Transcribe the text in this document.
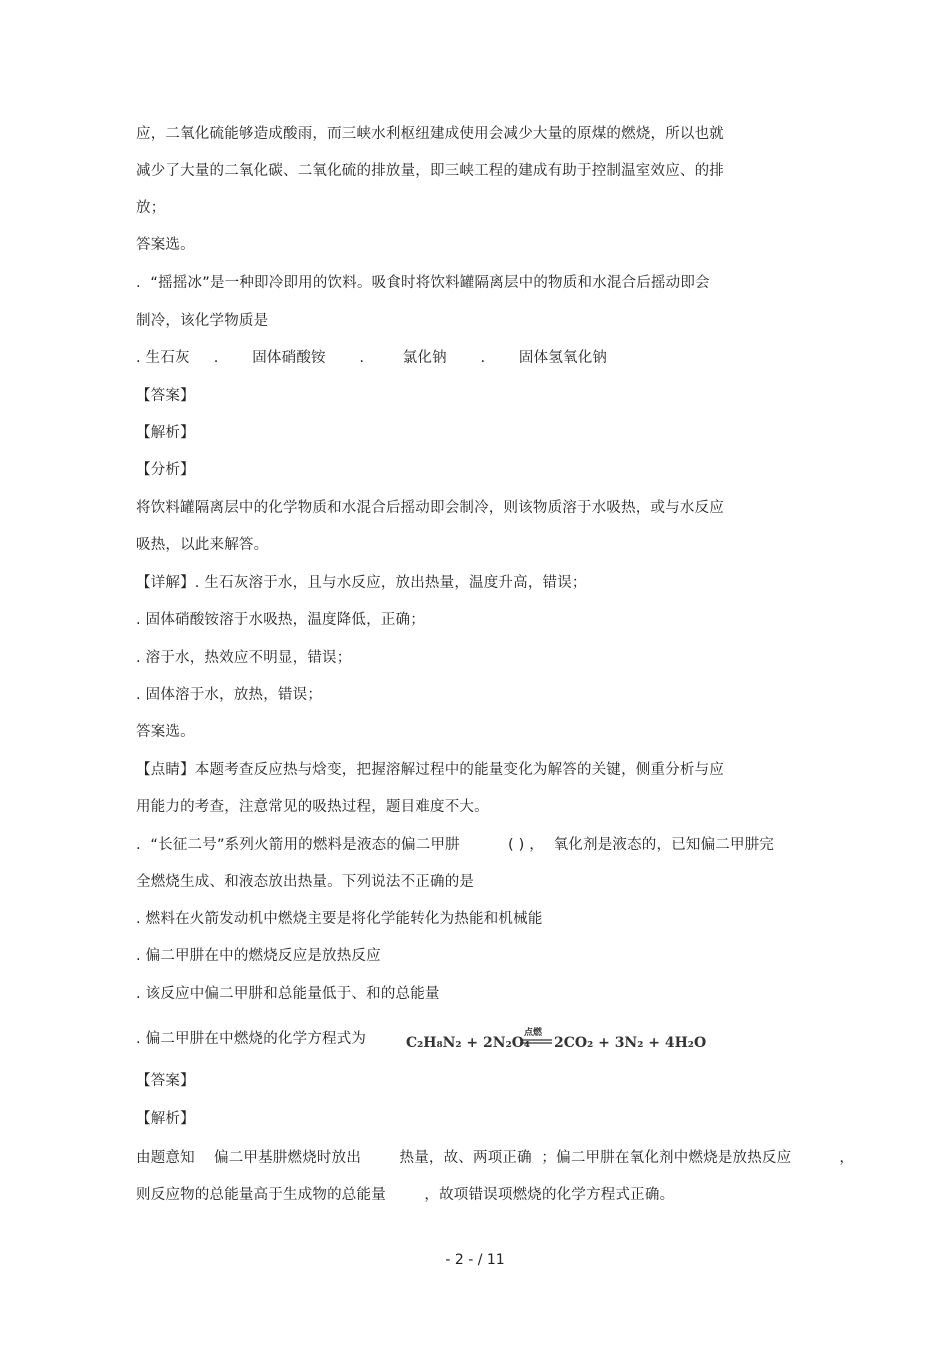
应，二氧化硫能够造成酸雨，而三峡水利枢纽建成使用会减少大量的原煤的燃烧，所以也就
减少了大量的二氧化碳、二氧化硫的排放量，即三峡工程的建成有助于控制温室效应、的排
放；
答案选。
.  “摇摇冰”是一种即冷即用的饮料。吸食时将饮料罐隔离层中的物质和水混合后摇动即会
制冷，该化学物质是
. 生石灰     .       固体硝酸铵       .        氯化钠       .       固体氢氧化钠
【答案】
【解析】
【分析】
将饮料罐隔离层中的化学物质和水混合后摇动即会制冷，则该物质溶于水吸热，或与水反应
吸热，以此来解答。
【详解】. 生石灰溶于水，且与水反应，放出热量，温度升高，错误；
. 固体硝酸铵溶于水吸热，温度降低，正确；
. 溶于水，热效应不明显，错误；
. 固体溶于水，放热，错误；
答案选。
【点睛】本题考查反应热与焓变，把握溶解过程中的能量变化为解答的关键，侧重分析与应
用能力的考查，注意常见的吸热过程，题目难度不大。
.  “长征二号”系列火箭用的燃料是液态的偏二甲肼          ( ) ，  氧化剂是液态的，已知偏二甲肼完
全燃烧生成、和液态放出热量。下列说法不正确的是
. 燃料在火箭发动机中燃烧主要是将化学能转化为热能和机械能
. 偏二甲肼在中的燃烧反应是放热反应
. 该反应中偏二甲肼和总能量低于、和的总能量
. 偏二甲肼在中燃烧的化学方程式为	C₂H₈N₂ + 2N₂O₄
点燃
2CO₂ + 3N₂ + 4H₂O
【答案】
【解析】
由题意知    偏二甲基肼燃烧时放出        热量，故、两项正确  ；偏二甲肼在氧化剂中燃烧是放热反应          ，
则反应物的总能量高于生成物的总能量        ，故项错误项燃烧的化学方程式正确。
- 2 - / 11
